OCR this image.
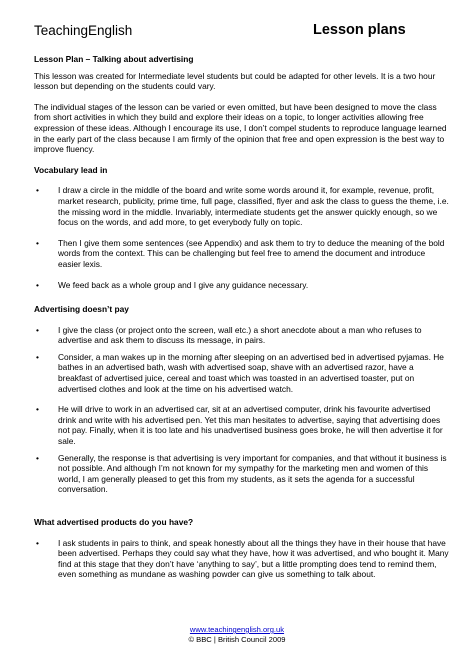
TeachingEnglish	Lesson plans

Lesson Plan – Talking about advertising

This lesson was created for Intermediate level students but could be adapted for other levels. It is a two hour lesson but depending on the students could vary.

The individual stages of the lesson can be varied or even omitted, but have been designed to move the class from short activities in which they build and explore their ideas on a topic, to longer activities allowing free expression of these ideas. Although I encourage its use, I don’t compel students to reproduce language learned in the early part of the class because I am firmly of the opinion that free and open expression is the best way to improve fluency.

Vocabulary lead in

• I draw a circle in the middle of the board and write some words around it, for example, revenue, profit, market research, publicity, prime time, full page, classified, flyer and ask the class to guess the theme, i.e. the missing word in the middle. Invariably, intermediate students get the answer quickly enough, so we focus on the words, and add more, to get everybody fully on topic.
• Then I give them some sentences (see Appendix) and ask them to try to deduce the meaning of the bold words from the context. This can be challenging but feel free to amend the document and introduce easier lexis.
• We feed back as a whole group and I give any guidance necessary.

Advertising doesn’t pay

• I give the class (or project onto the screen, wall etc.) a short anecdote about a man who refuses to advertise and ask them to discuss its message, in pairs.
• Consider, a man wakes up in the morning after sleeping on an advertised bed in advertised pyjamas. He bathes in an advertised bath, wash with advertised soap, shave with an advertised razor, have a breakfast of advertised juice, cereal and toast which was toasted in an advertised toaster, put on advertised clothes and look at the time on his advertised watch.
• He will drive to work in an advertised car, sit at an advertised computer, drink his favourite advertised drink and write with his advertised pen. Yet this man hesitates to advertise, saying that advertising does not pay. Finally, when it is too late and his unadvertised business goes broke, he will then advertise it for sale.
• Generally, the response is that advertising is very important for companies, and that without it business is not possible. And although I’m not known for my sympathy for the marketing men and women of this world, I am generally pleased to get this from my students, as it sets the agenda for a successful conversation.

What advertised products do you have?

• I ask students in pairs to think, and speak honestly about all the things they have in their house that have been advertised. Perhaps they could say what they have, how it was advertised, and who bought it. Many find at this stage that they don’t have ‘anything to say’, but a little prompting does tend to remind them, even something as mundane as washing powder can give us something to talk about.
www.teachingenglish.org.uk
© BBC | British Council 2009
